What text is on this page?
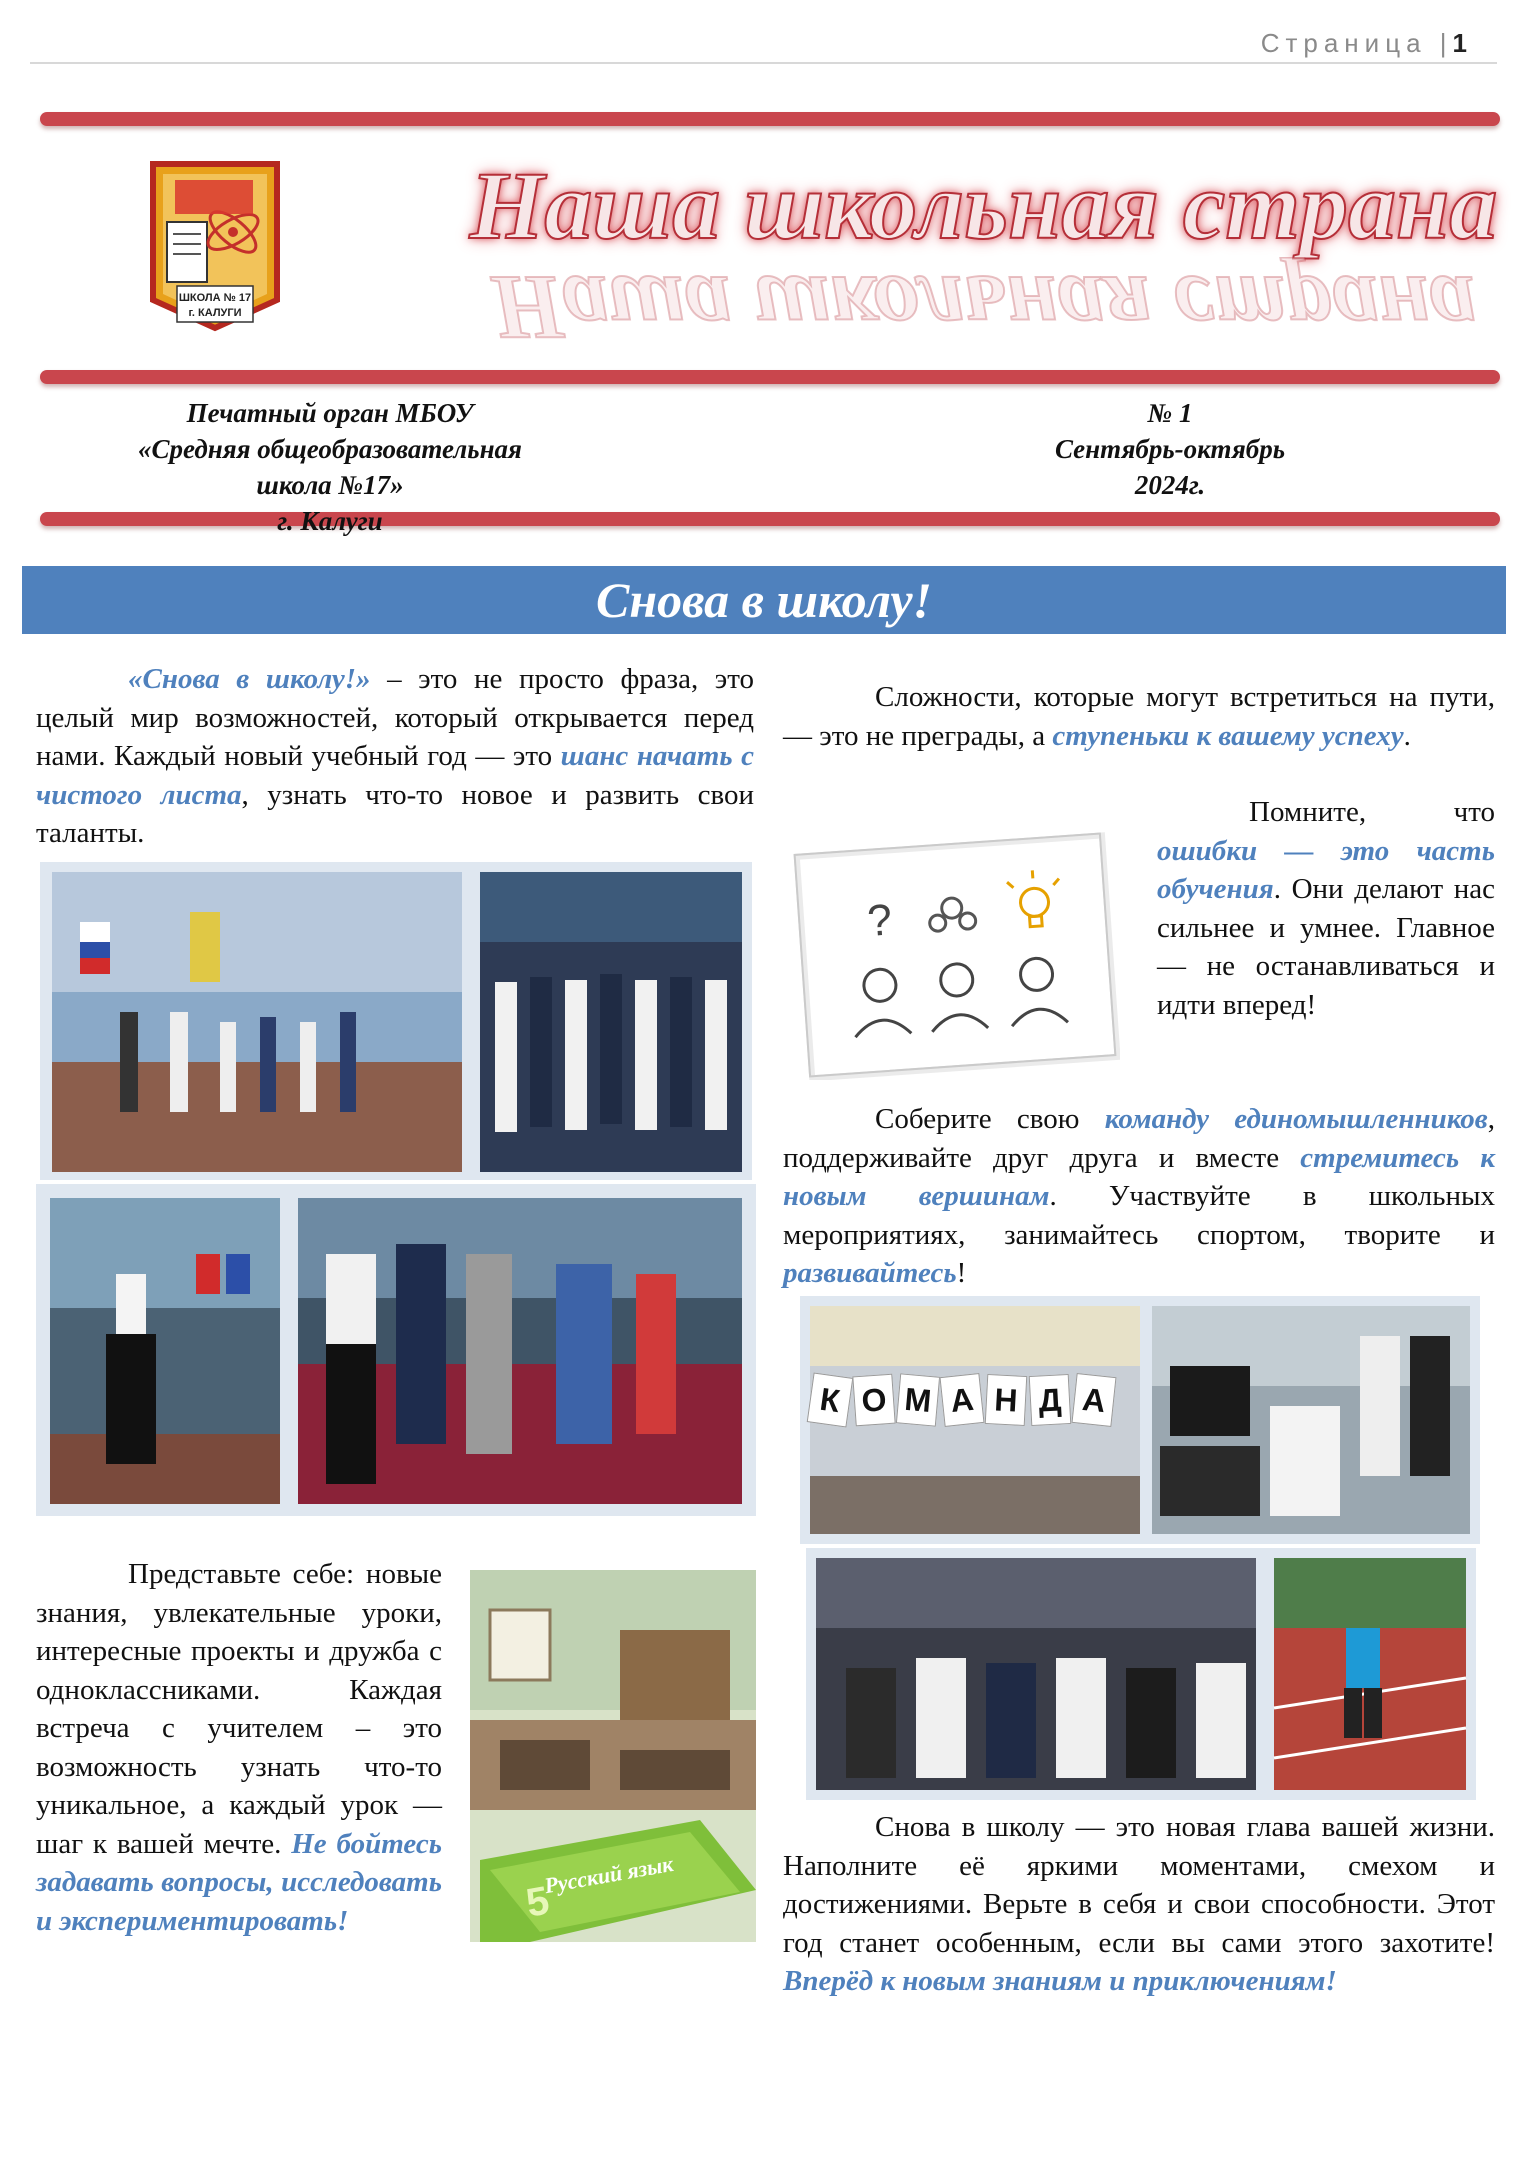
Страница |1
ШКОЛА № 17
г. КАЛУГИ
Наша школьная страна
Наша школьная страна
Печатный орган МБОУ
«Средняя общеобразовательная школа №17»
г. Калуги
№ 1
Сентябрь-октябрь
2024г.
Снова в школу!
«Снова в школу!» – это не просто фраза, это целый мир возможностей, который открывается перед нами. Каждый новый учебный год — это шанс начать с чистого листа, узнать что-то новое и развить свои таланты.
Представьте себе: новые знания, увлекательные уроки, интересные проекты и дружба с одноклассниками. Каждая встреча с учителем – это возможность узнать что-то уникальное, а каждый урок — шаг к вашей мечте. Не бойтесь задавать вопросы, исследовать и экспериментировать!
Русский язык
5
Сложности, которые могут встретиться на пути, — это не преграды, а ступеньки к вашему успеху.
?
Помните, что ошибки — это часть обучения. Они делают нас сильнее и умнее. Главное — не останавливаться и идти вперед!
Соберите свою команду единомышленников, поддерживайте друг друга и вместе стремитесь к новым вершинам. Участвуйте в школьных мероприятиях, занимайтесь спортом, творите и развивайтесь!
К О М А Н Д А
Снова в школу — это новая глава вашей жизни. Наполните её яркими моментами, смехом и достижениями. Верьте в себя и свои способности. Этот год станет особенным, если вы сами этого захотите! Вперёд к новым знаниям и приключениям!
